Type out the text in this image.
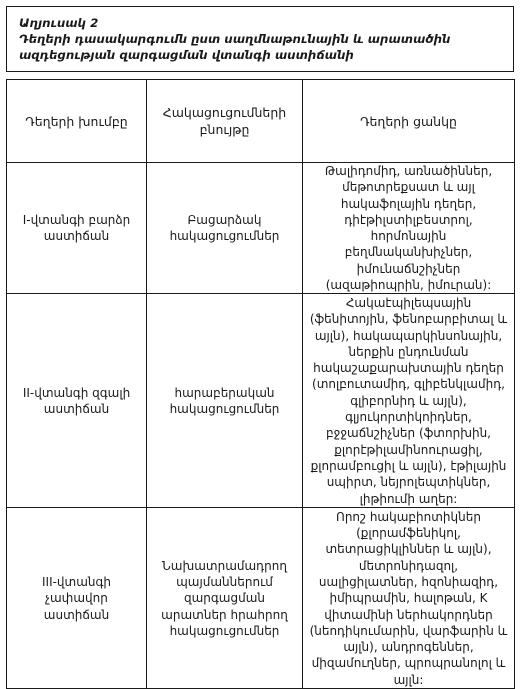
Աղյուսակ 2

Դեղերի դասակարգումն ըստ սաղմնաթունային և արատածին

ազդեցության զարգացման վտանգի աստիճանի

Դեղերի խումբը	Հակացուցումների բնույթը	Դեղերի ցանկը
I-վտանգի բարձր աստիճան	Բացարձակ հակացուցումներ	Թալիդոմիդ, առնածիններ, մեթոտրեքսատ և այլ հակաֆոլային դեղեր, դիէթիլստիլբեստրոլ, հորմոնային բեղմնականխիչներ, իմունաճնշիչներ (ազաթիոպրին, իմուրան):
II-վտանգի զգալի աստիճան	hարաբերական հակացուցումներ	Հակաէպիլեպսային (ֆենիտոյին, ֆենոբարբիտալ և այլն), հակապարկինսոնային, ներքին ընդունման հակաշաքարախտային դեղեր (տոլբուտամիդ, գլիբենկլամիդ, գլիբորնիդ և այլն), գլյուկորտիկոիդներ, բջջաճնշիչներ (ֆտորխին, քլորէթիլամինոուրացիլ, քլորամբուցիլ և այլն), էթիլային սպիրտ, նեյրոլեպտիկներ, լիթիումի աղեր:
III-վտանգի չափավոր աստիճան	Նախատրամադրող պայմաններում զարգացման արատներ հրահրող հակացուցումներ	Որոշ հակաբիոտիկներ (քլորամֆենիկոլ, տետրացիկլիններ և այլն), մետրոնիդազոլ, սալիցիլատներ, հզոնիազիդ, իմիպրամին, հալոթան, K վիտամինի ներհակորդներ (նեոդիկումարին, վարֆարին և այլն), անդրոգեններ, միզամուղներ, պրոպրանոլոլ և այլն:
